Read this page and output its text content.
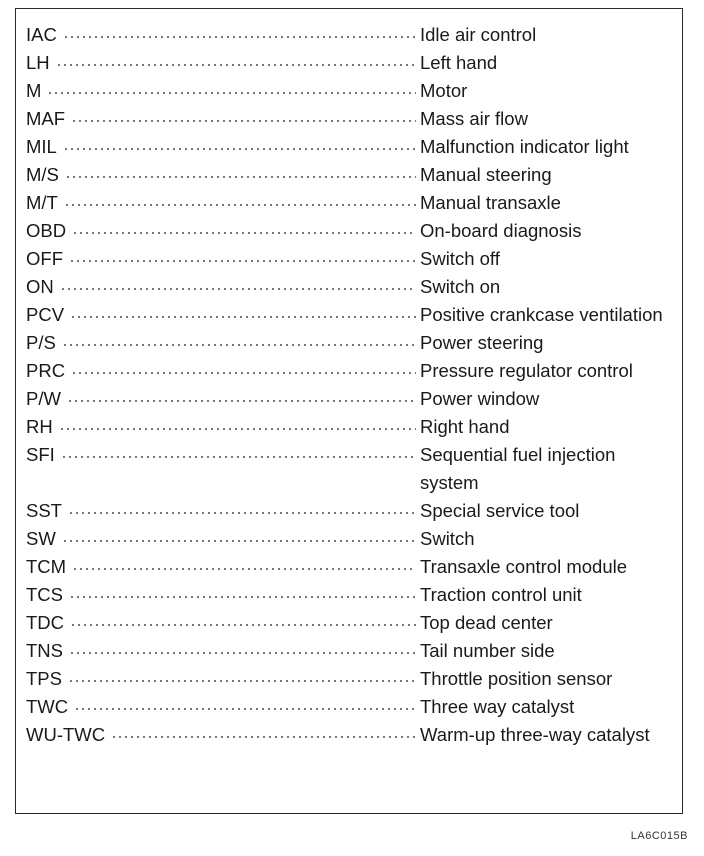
IAC	Idle air control
LH	Left hand
M	Motor
MAF	Mass air flow
MIL	Malfunction indicator light
M/S	Manual steering
M/T	Manual transaxle
OBD	On-board diagnosis
OFF	Switch off
ON	Switch on
PCV	Positive crankcase ventilation
P/S	Power steering
PRC	Pressure regulator control
P/W	Power window
RH	Right hand
SFI	Sequential fuel injection system
SST	Special service tool
SW	Switch
TCM	Transaxle control module
TCS	Traction control unit
TDC	Top dead center
TNS	Tail number side
TPS	Throttle position sensor
TWC	Three way catalyst
WU-TWC	Warm-up three-way catalyst
LA6C015B
